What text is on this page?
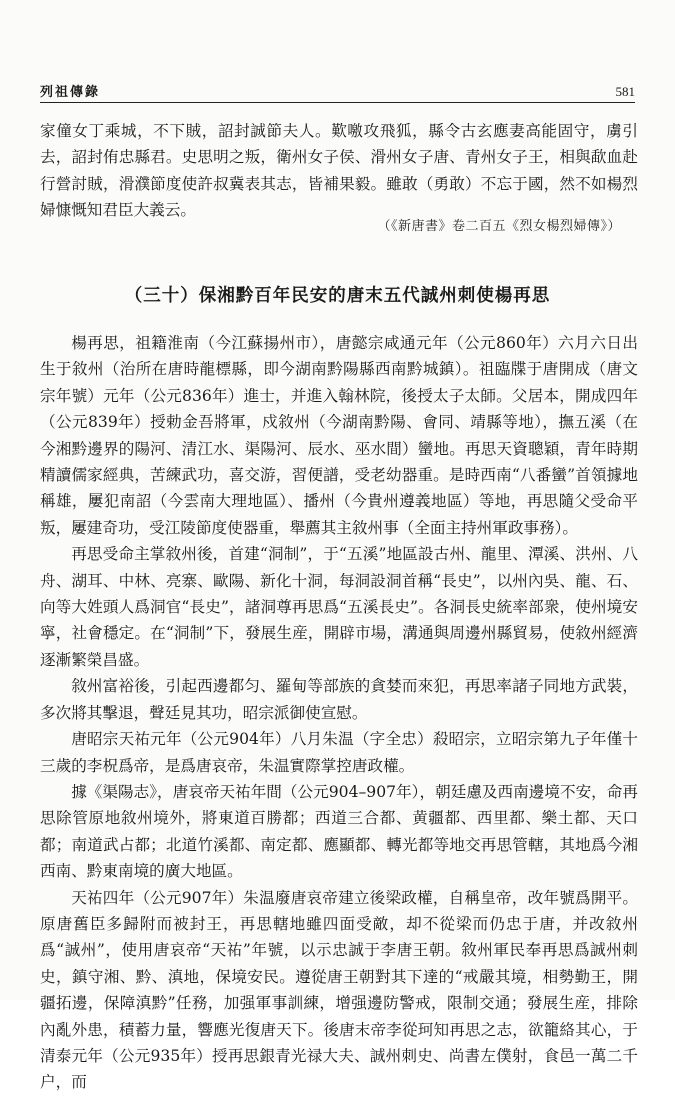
列祖傳錄	581

家僮女丁乘城，不下賊，詔封誠節夫人。歎噭攻飛狐，縣令古玄應妻高能固守，虜引去，詔封侑忠縣君。史思明之叛，衛州女子侯、滑州女子唐、青州女子王，相與歃血赴行營討賊，滑濮節度使許叔冀表其志，皆補果毅。雖敢（勇敢）不忘于國，然不如楊烈婦慷慨知君臣大義云。

（《新唐書》卷二百五《烈女楊烈婦傳》）
（三十）保湘黔百年民安的唐末五代誠州刺使楊再思

楊再思，祖籍淮南（今江蘇揚州市），唐懿宗咸通元年（公元860年）六月六日出生于敘州（治所在唐時龍標縣，即今湖南黔陽縣西南黔城鎮）。祖臨牒于唐開成（唐文宗年號）元年（公元836年）進士，并進入翰林院，後授太子太師。父居本，開成四年（公元839年）授勅金吾將軍，戍敘州（今湖南黔陽、會同、靖縣等地），撫五溪（在今湘黔邊界的陽河、清江水、渠陽河、辰水、巫水間）蠻地。再思天資聰穎，青年時期精讀儒家經典，苦練武功，喜交游，習便譜，受老幼器重。是時西南“八番蠻”首領據地稱雄，屢犯南詔（今雲南大理地區）、播州（今貴州遵義地區）等地，再思隨父受命平叛，屢建奇功，受江陵節度使器重，舉薦其主敘州事（全面主持州軍政事務）。

再思受命主掌敘州後，首建“洞制”，于“五溪”地區設古州、龍里、潭溪、洪州、八舟、湖耳、中林、亮寨、歐陽、新化十洞，每洞設洞首稱“長史”，以州內吳、龍、石、向等大姓頭人爲洞官“長史”，諸洞尊再思爲“五溪長史”。各洞長史統率部衆，使州境安寧，社會穩定。在“洞制”下，發展生産，開辟市場，溝通與周邊州縣貿易，使敘州經濟逐漸繁榮昌盛。

敘州富裕後，引起西邊都匀、羅甸等部族的貪婪而來犯，再思率諸子同地方武裝，多次將其擊退，聲廷見其功，昭宗派御使宣慰。

唐昭宗天祐元年（公元904年）八月朱温（字全忠）殺昭宗，立昭宗第九子年僅十三歲的李柷爲帝，是爲唐哀帝，朱温實際掌控唐政權。

據《渠陽志》，唐哀帝天祐年間（公元904–907年），朝廷慮及西南邊境不安，命再思除管原地敘州境外，將東道百勝都；西道三合都、黄疆都、西里都、樂土都、天口都；南道武占都；北道竹溪都、南定都、應顯都、轉光都等地交再思管轄，其地爲今湘西南、黔東南境的廣大地區。

天祐四年（公元907年）朱温廢唐哀帝建立後梁政權，自稱皇帝，改年號爲開平。原唐舊臣多歸附而被封王，再思轄地雖四面受敵，却不從梁而仍忠于唐，并改敘州爲“誠州”，使用唐哀帝“天祐”年號，以示忠誠于李唐王朝。敘州軍民奉再思爲誠州刺史，鎮守湘、黔、滇地，保境安民。遵從唐王朝對其下達的“戒嚴其境，相勢勤王，開疆拓邊，保障滇黔”任務，加强軍事訓練，增强邊防警戒，限制交通；發展生産，排除內亂外患，積蓄力量，響應光復唐天下。後唐末帝李從珂知再思之志，欲籠絡其心，于清泰元年（公元935年）授再思銀青光禄大夫、誠州刺史、尚書左僕射，食邑一萬二千户，而
